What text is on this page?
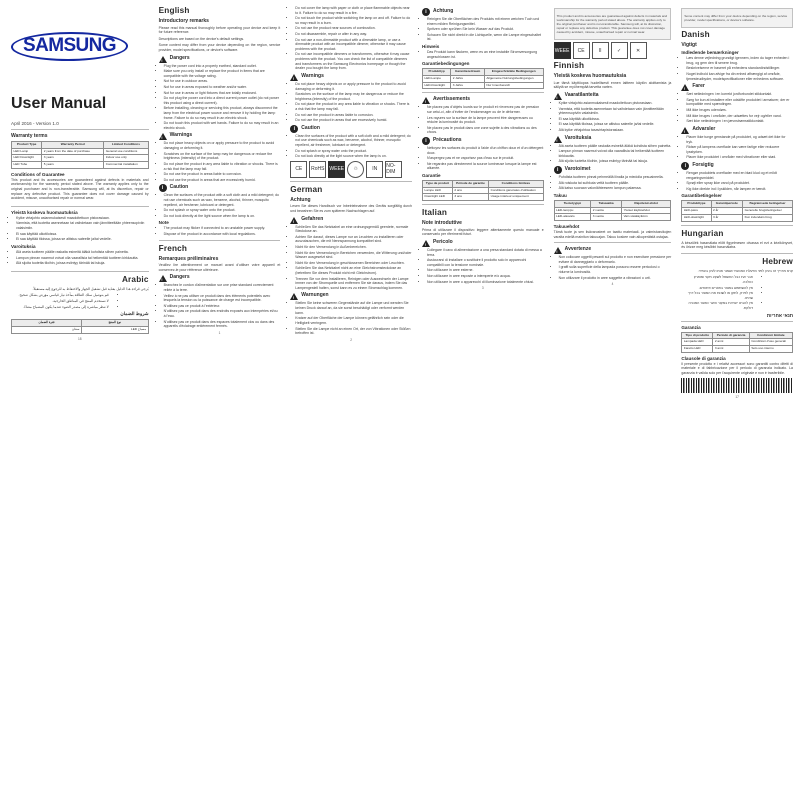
SAMSUNG
User Manual
April 2016 - Version 1.0
Warranty terms
Product Type	Warranty Period	Limited Conditions
LED Lamp	2 years from the date of purchase	General use conditions
LED Downlight	3 years	Indoor use only
LED Tube	5 years	Commercial installation
Conditions of Guarantee

This product and its accessories are guaranteed against defects in materials and workmanship for the warranty period stated above. The warranty applies only to the original purchaser and is non-transferable. Samsung will, at its discretion, repair or replace any defective product. This guarantee does not cover damage caused by accident, misuse, unauthorised repair or normal wear.

Yleistä koskeva huomautuksia
• Kytke virtajohto asianmukaisesti maadoitettuun pistorasiaan.
• Varmista, että tuotetta asennetaan tai vaihdetaan vain jännitteeltään yhteensopiviin valaisimiin.
• Ei saa käyttää ulkotiloissa.
• Ei saa käyttää tiloissa, joissa se altistuu sateelle ja/tai vedelle.
Varoituksia
• Älä aseta tuotteen päälle raskaita esineitä äläkä kohdista siihen painetta.
• Lampun pinnan naarmut voivat olla vaarallisia tai heikentää tuotteen kirkkautta.
• Älä sijoita tuotetta tiloihin, joissa esiintyy tärinää tai iskuja.
Arabic

يُرجى قراءة هذا الدليل بعناية قبل تشغيل الجهاز والاحتفاظ به للرجوع إليه مستقبلاً.

• قم بتوصيل سلك الطاقة بمأخذ تيار قياسي مؤرض بشكل صحيح.
• لا تستخدم المنتج في المناطق الخارجية.
• لا تنظر مباشرة إلى مصدر الضوء عندما يكون المصباح مضاءً.
شروط الضمان
نوع المنتج	فترة الضمان
مصباح LED	سنتان
18
English
Introductory remarks

Please read this manual thoroughly before operating your device and keep it for future reference.

Descriptions are based on the device's default settings.

Some content may differ from your device depending on the region, service provider, model specifications, or device's software.

!
Dangers
• Plug the power cord into a properly earthed, standard outlet.
• Make sure you only install or replace the product in items that are compatible with the voltage rating.
• Not for use in outdoor areas.
• Not for use in areas exposed to weather and/or water.
• Not for use in areas or light fixtures that are totally enclosed.
• Do not plug the power cord into a direct current power outlet (do not power this product using a direct current).
• Before installing, cleaning or servicing this product, always disconnect the lamp from the electrical power source and remove it by holding the lamp frame. Failure to do so may result in an electric shock.
• Do not touch this product with wet hands. Failure to do so may result in an electric shock.
!
Warnings
• Do not place heavy objects on or apply pressure to the product to avoid damaging or deforming it.
• Scratches on the surface of the lamp may be dangerous or reduce the brightness (intensity) of the product.
• Do not place the product in any area liable to vibration or shocks. There is a risk that the lamp may fall.
• Do not use the product in areas liable to corrosion.
• Do not use the product in areas that are excessively humid.
i	Caution
• Clean the surfaces of the product with a soft cloth and a mild detergent; do not use chemicals such as wax, benzene, alcohol, thinner, mosquito repellent, air freshener, lubricant or detergent.
• Do not splash or spray water onto the product.
• Do not look directly at the light source when the lamp is on.
Note
• The product may flicker if connected to an unstable power supply.
• Dispose of the product in accordance with local regulations.
French
Remarques préliminaires

Veuillez lire attentivement ce manuel avant d'utiliser votre appareil et conservez-le pour référence ultérieure.

!
Dangers
• Branchez le cordon d'alimentation sur une prise standard correctement reliée à la terre.
• Veillez à ne pas utiliser ce produit dans des éléments potentiels avec lesquels la tension ou la puissance de charge est incompatible.
• N'utilisez pas ce produit à l'extérieur.
• N'utilisez pas ce produit dans des endroits exposés aux intempéries et/ou à l'eau.
• N'utilisez pas ce produit dans des espaces totalement clos ou dans des appareils d'éclairage entièrement fermés.
1
• Do not cover the lamp with paper or cloth or place flammable objects near to it. Failure to do so may result in a fire.
• Do not touch the product while switching the lamp on and off. Failure to do so may result in a burn.
• Do not use the product near sources of combustion.
• Do not disassemble, repair or alter in any way.
• Do not use a non-dimmable product with a dimmable lamp, or use a dimmable product with an incompatible dimmer, otherwise it may cause problems with the product.
• Do not use incompatible dimmers or transformers, otherwise it may cause problems with the product. You can check the list of compatible dimmers and transformers on the Samsung Electronics homepage or though the dealer you bought the lamp from.
!
Warnings
• Do not place heavy objects on or apply pressure to the product to avoid damaging or deforming it.
• Scratches on the surface of the lamp may be dangerous or reduce the brightness (intensity) of the product.
• Do not place the product in any area liable to vibration or shocks. There is a risk that the lamp may fall.
• Do not use the product in areas liable to corrosion.
• Do not use the product in areas that are excessively humid.
i	Caution
• Clean the surfaces of the product with a soft cloth and a mild detergent; do not use chemicals such as wax, benzene, alcohol, thinner, mosquito repellent, air freshener, lubricant or detergent.
• Do not splash or spray water onto the product.
• Do not look directly at the light source when the lamp is on.
CE	RoHS WEEE	♲	IN	NO-DIM
German
Achtung

Lesen Sie dieses Handbuch vor Inbetriebnahme des Geräts sorgfältig durch und bewahren Sie es zum späteren Nachschlagen auf.

!
Gefahren
• Schließen Sie das Netzkabel an eine ordnungsgemäß geerdete, normale Steckdose an.
• Achten Sie darauf, dieses Lampe nur an Leuchten zu installieren oder auszutauschen, die mit Nennspannung kompatibel sind.
• Nicht für den Verwendung in Außenbereichen.
• Nicht für den Verwendung in Bereichen verwenden, die Witterung und/oder Wasser ausgesetzt sind.
• Nicht für den Verwendung in geschlossenen Bereichen oder Leuchten.
• Schließen Sie das Netzkabel nicht an eine Gleichstromsteckdose an (betreiben Sie dieses Produkt nicht mit Gleichstrom).
• Trennen Sie vor dem Installieren, Reinigen oder Auswechseln der Lampe immer von der Stromquelle und entfernen Sie sie daraus, indem Sie das Lampengestell halten, sonst kann es zu einem Stromschlag kommen.
!
Warnungen
• Stellen Sie keine schweren Gegenstände auf die Lampe und wenden Sie keinen Druck darauf an, da sie sonst beschädigt oder verformt werden kann.
• Kratzer auf der Oberfläche der Lampe können gefährlich sein oder die Helligkeit verringern.
• Stellen Sie die Lampe nicht an einen Ort, der von Vibrationen oder Stößen betroffen ist.
2
i	Achtung
• Reinigen Sie die Oberflächen des Produkts mit einem weichen Tuch und einem milden Reinigungsmittel.
• Spritzen oder sprühen Sie kein Wasser auf das Produkt.
• Schauen Sie nicht direkt in die Lichtquelle, wenn die Lampe eingeschaltet ist.
Hinweis
• Das Produkt kann flackern, wenn es an eine instabile Stromversorgung angeschlossen ist.
Garantiebedingungen
Produkttyp	Garantiezeitraum	Eingeschränkte Bedingungen
LED-Lampe	2 Jahre	Allgemeine Nutzungsbedingungen
LED-Downlight	3 Jahre	Nur Innenbereich
!
Avertissements
• Ne placez pas d'objets lourds sur le produit et n'exercez pas de pression sur celui-ci, afin d'éviter de l'endommager ou de le déformer.
• Les rayures sur la surface de la lampe peuvent être dangereuses ou réduire la luminosité du produit.
• Ne placez pas le produit dans une zone sujette à des vibrations ou des chocs.
i	Précautions
• Nettoyez les surfaces du produit à l'aide d'un chiffon doux et d'un détergent doux.
• N'aspergez pas et ne vaporisez pas d'eau sur le produit.
• Ne regardez pas directement la source lumineuse lorsque la lampe est allumée.
Garantie
Type de produit	Période de garantie	Conditions limitées
Lampe LED	2 ans	Conditions générales d'utilisation
Downlight LED	3 ans	Usage intérieur uniquement
Italian
Note introduttive

Prima di utilizzare il dispositivo leggere attentamente questo manuale e conservarlo per riferimenti futuri.

!
Pericolo
• Collegare il cavo di alimentazione a una presa standard dotata di messa a terra.
• Assicurarsi di installare o sostituire il prodotto solo in apparecchi compatibili con la tensione nominale.
• Non utilizzare in aree esterne.
• Non utilizzare in aree esposte a intemperie e/o acqua.
• Non utilizzare in aree o apparecchi di illuminazione totalmente chiusi.
3

This product and its accessories are guaranteed against defects in materials and workmanship for the warranty period stated above. The warranty applies only to the original purchaser and is non-transferable. Samsung will, at its discretion, repair or replace any defective product. This guarantee does not cover damage caused by accident, misuse, unauthorised repair or normal wear.

WEEE	CE	II	✓	✕
Finnish
Yleistä koskeva huomautuksia

Lue tämä käyttöopas huolellisesti ennen laitteen käytön aloittamista ja säilytä se myöhempää tarvetta varten.

!
Vaaratilanteita
• Kytke virtajohto asianmukaisesti maadoitettuun pistorasiaan.
• Varmista, että tuotetta asennetaan tai vaihdetaan vain jännitteeltään yhteensopiviin valaisimiin.
• Ei saa käyttää ulkotiloissa.
• Ei saa käyttää tiloissa, joissa se altistuu sateelle ja/tai vedelle.
• Älä kytke virtajohtoa tasavirtapistorasiaan.
!
Varoituksia
• Älä aseta tuotteen päälle raskaita esineitä äläkä kohdista siihen painetta.
• Lampun pinnan naarmut voivat olla vaarallisia tai heikentää tuotteen kirkkautta.
• Älä sijoita tuotetta tiloihin, joissa esiintyy tärinää tai iskuja.
i	Varotoimet
• Puhdista tuotteen pinnat pehmeällä liinalla ja miedolla pesuaineella.
• Älä roiskuta tai suihkuta vettä tuotteen päälle.
• Älä katso suoraan valonlähteeseen lampun palaessa.
Takuu
Tuotetyyppi	Takuuaika	Rajoitetut ehdot
LED-lamppu	2 vuotta	Yleiset käyttöehdot
LED-alasvalo	3 vuotta	Vain sisäkäyttöön
Takuuehdot

Tämä tuote ja sen lisävarusteet on taattu materiaali- ja valmistusvikojen varalta edellä mainitun takuuajan. Takuu koskee vain alkuperäistä ostajaa.

!
Avvertenze
• Non collocare oggetti pesanti sul prodotto e non esercitare pressione per evitare di danneggiarlo o deformarlo.
• I graffi sulla superficie della lampada possono essere pericolosi o ridurne la luminosità.
• Non utilizzare il prodotto in aree soggette a vibrazioni o urti.
4

Some content may differ from your device depending on the region, service provider, model specifications, or device's software.

Danish
Vigtigt
Indledende bemærkninger
• Læs denne vejledning grundigt igennem, inden du tager enheden i brug, og gem den til senere brug.
• Beskrivelserne er baseret på enhedens standardindstillinger.
• Noget indhold kan afvige fra din enhed afhængigt af område, tjenesteudbyder, modelspecifikationer eller enhedens software.
!
Farer
• Sæt netledningen i en korrekt jordforbundet stikkontakt.
• Sørg for kun at installere eller udskifte produktet i armaturer, der er kompatible med spændingen.
• Må ikke bruges udendørs.
• Må ikke bruges i områder, der udsættes for vejr og/eller vand.
• Sæt ikke netledningen i en jævnstrømsstikkontakt.
!
Advarsler
• Placer ikke tunge genstande på produktet, og udsæt det ikke for tryk.
• Ridser på lampens overflade kan være farlige eller reducere lysstyrken.
• Placer ikke produktet i områder med vibrationer eller stød.
i	Forsigtig
• Rengør produktets overflader med en blød klud og et mildt rengøringsmiddel.
• Sprøjt eller spray ikke vand på produktet.
• Kig ikke direkte ind i lyskilden, når lampen er tændt.
Garantibetingelser
Produkttype	Garantiperiode	Begrænsede betingelser
LED-pære	2 år	Generelle brugsbetingelser
LED-downlight	3 år	Kun indendørs brug
Hungarian

A készülék használata előtt figyelmesen olvassa el ezt a kézikönyvet, és őrizze meg későbbi használatra.

Hebrew

קרא מדריך זה בעיון לפני הפעלת המכשיר ושמור אותו לעיון בעתיד.

• חבר את כבל החשמל לשקע תקני ומוארק כהלכה.
• אין להשתמש במוצר באזורים פתוחים.
• אין לפרק, לתקן או לשנות את המוצר בכל דרך שהיא.
• אין להביט ישירות במקור האור כאשר המנורה דולקת.
תנאי אחריות
Garanzia
Tipo di prodotto	Periodo di garanzia	Condizioni limitate
Lampada LED	2 anni	Condizioni d'uso generali
Faretto LED	3 anni	Solo uso interno
Clausole di garanzia

Il presente prodotto e i relativi accessori sono garantiti contro difetti di materiale e di fabbricazione per il periodo di garanzia indicato. La garanzia è valida solo per l'acquirente originale e non è trasferibile.

17
